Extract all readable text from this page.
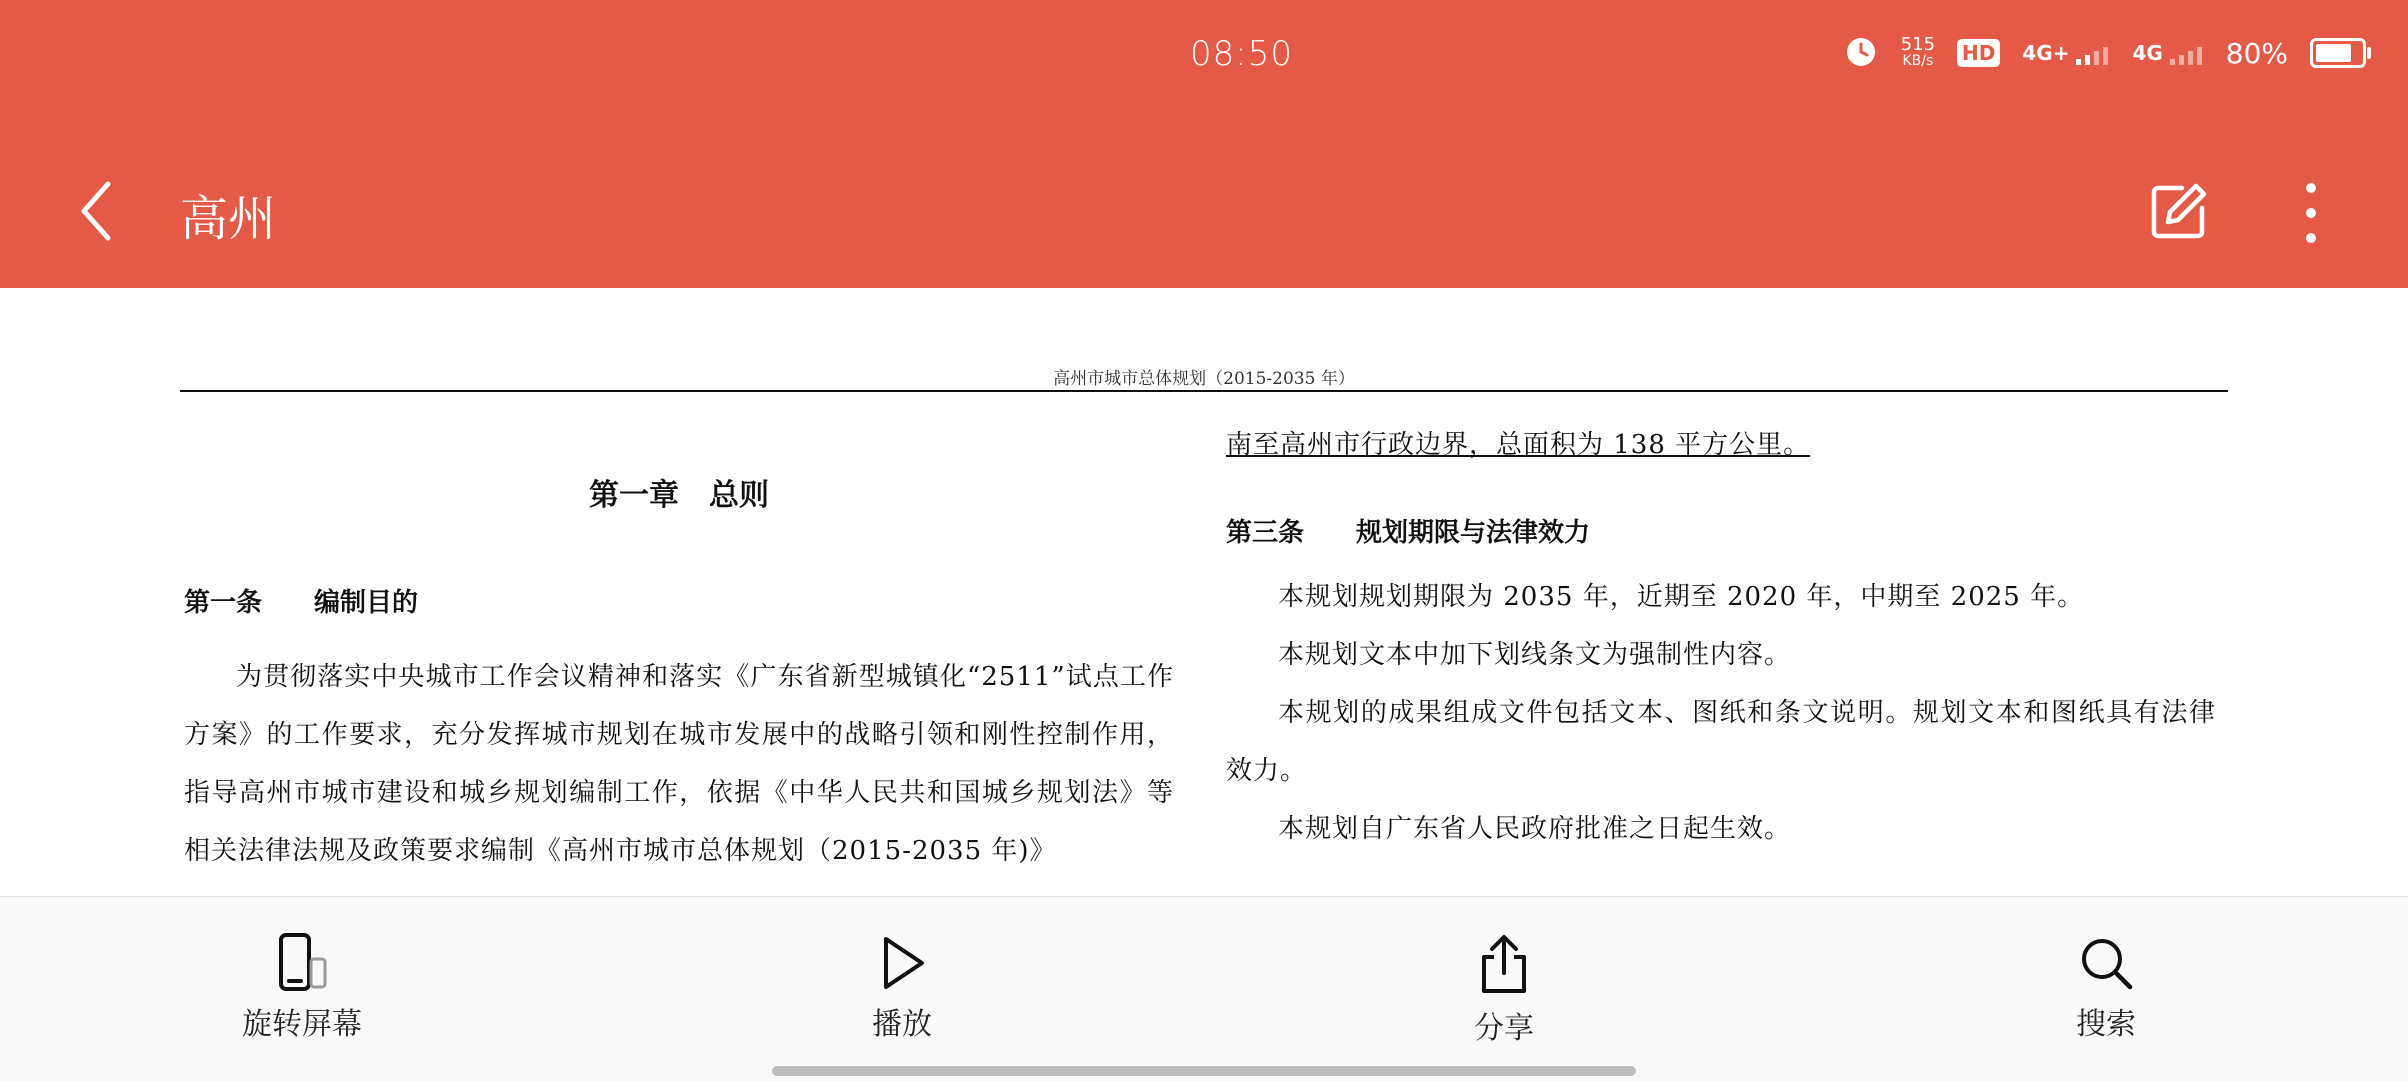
08:50	515
KB/s HD 4G+	4G	80%
高州
高州市城市总体规划（2015-2035 年）
第一章　总则
第一条　　编制目的

为贯彻落实中央城市工作会议精神和落实《广东省新型城镇化“2511”试点工作方案》的工作要求，充分发挥城市规划在城市发展中的战略引领和刚性控制作用，指导高州市城市建设和城乡规划编制工作，依据《中华人民共和国城乡规划法》等相关法律法规及政策要求编制《高州市城市总体规划（2015-2035 年)》

南至高州市行政边界，总面积为 138 平方公里。
第三条　　规划期限与法律效力

本规划规划期限为 2035 年，近期至 2020 年，中期至 2025 年。

本规划文本中加下划线条文为强制性内容。

本规划的成果组成文件包括文本、图纸和条文说明。规划文本和图纸具有法律效力。

本规划自广东省人民政府批准之日起生效。

旋转屏幕	播放	分享	搜索
